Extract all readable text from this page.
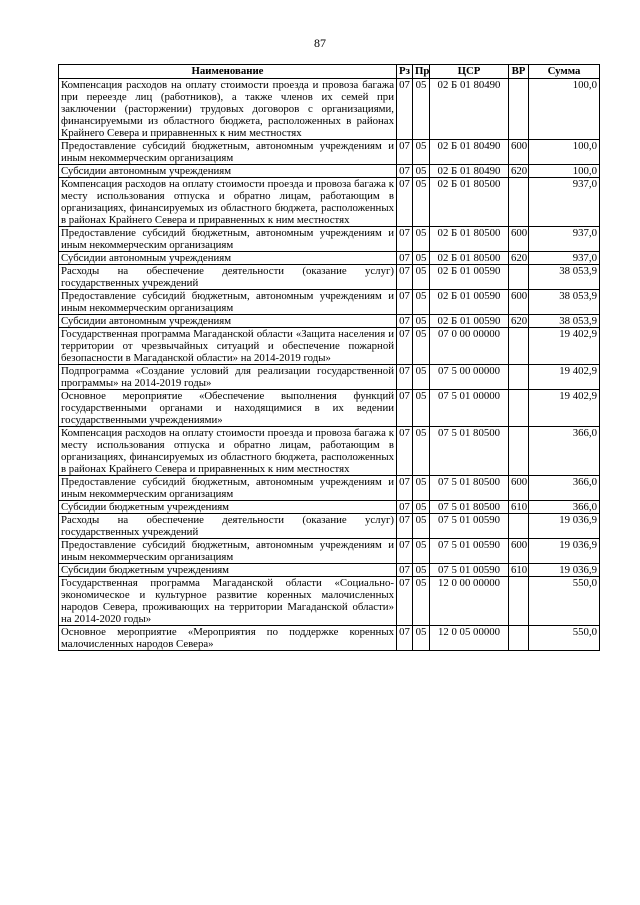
87
Наименование	Рз	Пр	ЦСР	ВР	Сумма
Компенсация расходов на оплату стоимости проезда и провоза багажа при переезде лиц (работников), а также членов их семей при заключении (расторжении) трудовых договоров с организациями, финансируемыми из областного бюджета, расположенных в районах Крайнего Севера и приравненных к ним местностях	07	05	02 Б 01 80490		100,0
Предоставление субсидий бюджетным, автономным учреждениям и иным некоммерческим организациям	07	05	02 Б 01 80490	600	100,0
Субсидии автономным учреждениям	07	05	02 Б 01 80490	620	100,0
Компенсация расходов на оплату стоимости проезда и провоза багажа к месту использования отпуска и обратно лицам, работающим в организациях, финансируемых из областного бюджета, расположенных в районах Крайнего Севера и приравненных к ним местностях	07	05	02 Б 01 80500		937,0
Предоставление субсидий бюджетным, автономным учреждениям и иным некоммерческим организациям	07	05	02 Б 01 80500	600	937,0
Субсидии автономным учреждениям	07	05	02 Б 01 80500	620	937,0
Расходы на обеспечение деятельности (оказание услуг) государственных учреждений	07	05	02 Б 01 00590		38 053,9
Предоставление субсидий бюджетным, автономным учреждениям и иным некоммерческим организациям	07	05	02 Б 01 00590	600	38 053,9
Субсидии автономным учреждениям	07	05	02 Б 01 00590	620	38 053,9
Государственная программа Магаданской области «Защита населения и территории от чрезвычайных ситуаций и обеспечение пожарной безопасности в Магаданской области» на 2014-2019 годы»	07	05	07 0 00 00000		19 402,9
Подпрограмма «Создание условий для реализации государственной программы» на 2014-2019 годы»	07	05	07 5 00 00000		19 402,9
Основное мероприятие «Обеспечение выполнения функций государственными органами и находящимися в их ведении государственными учреждениями»	07	05	07 5 01 00000		19 402,9
Компенсация расходов на оплату стоимости проезда и провоза багажа к месту использования отпуска и обратно лицам, работающим в организациях, финансируемых из областного бюджета, расположенных в районах Крайнего Севера и приравненных к ним местностях	07	05	07 5 01 80500		366,0
Предоставление субсидий бюджетным, автономным учреждениям и иным некоммерческим организациям	07	05	07 5 01 80500	600	366,0
Субсидии бюджетным учреждениям	07	05	07 5 01 80500	610	366,0
Расходы на обеспечение деятельности (оказание услуг) государственных учреждений	07	05	07 5 01 00590		19 036,9
Предоставление субсидий бюджетным, автономным учреждениям и иным некоммерческим организациям	07	05	07 5 01 00590	600	19 036,9
Субсидии бюджетным учреждениям	07	05	07 5 01 00590	610	19 036,9
Государственная программа Магаданской области «Социально-экономическое и культурное развитие коренных малочисленных народов Севера, проживающих на территории Магаданской области» на 2014-2020 годы»	07	05	12 0 00 00000		550,0
Основное мероприятие «Мероприятия по поддержке коренных малочисленных народов Севера»	07	05	12 0 05 00000		550,0
